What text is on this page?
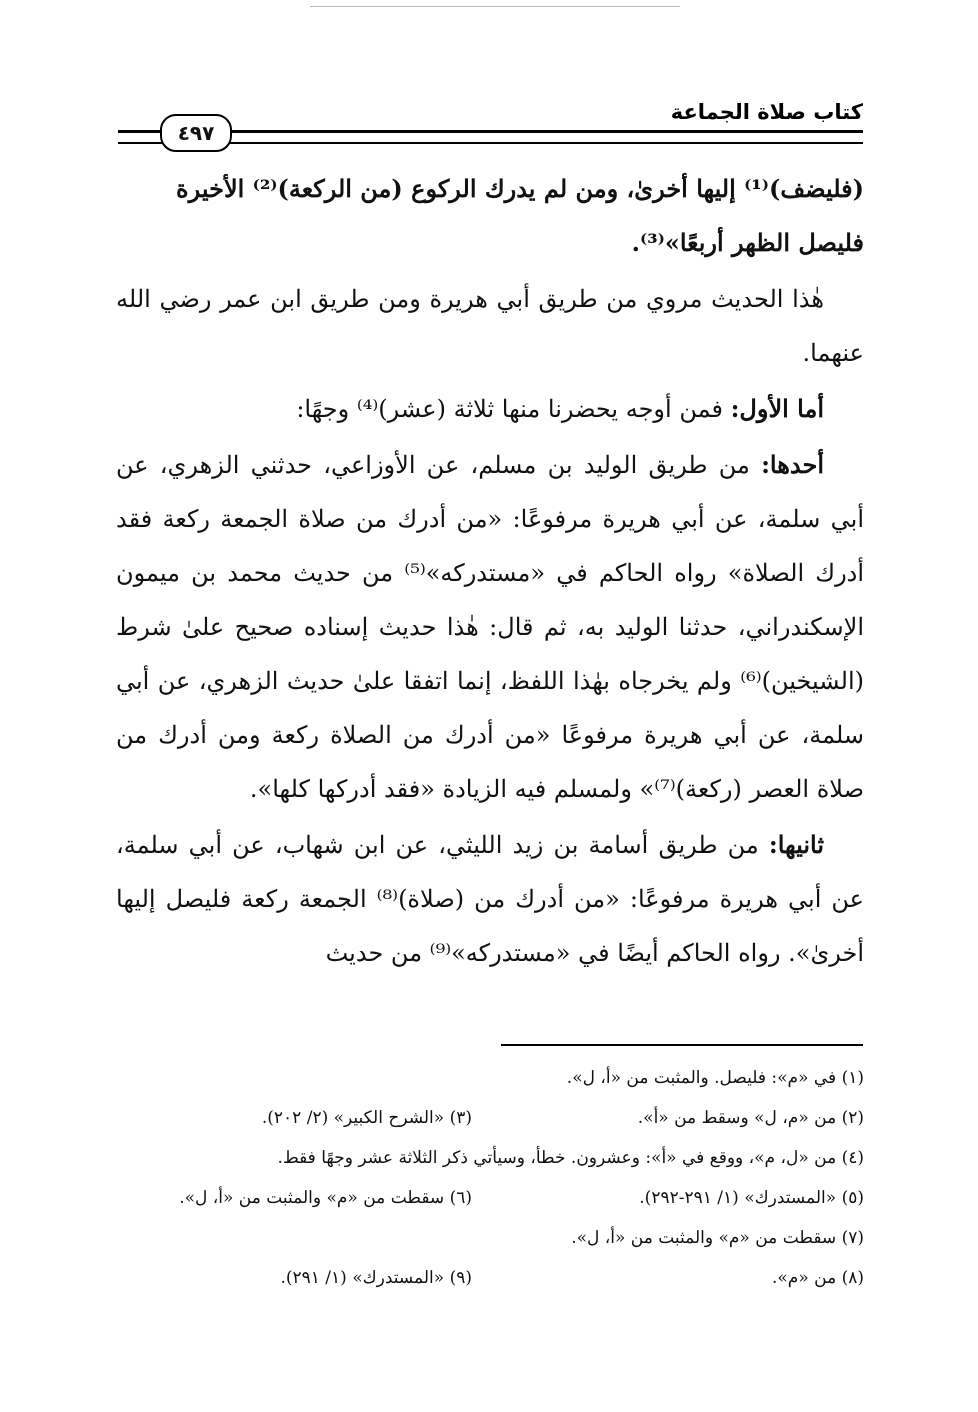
٤٩٧
كتاب صلاة الجماعة

(فليضف)⁽¹⁾ إليها أخرىٰ، ومن لم يدرك الركوع (من الركعة)⁽²⁾ الأخيرة
فليصل الظهر أربعًا»⁽³⁾.

هٰذا الحديث مروي من طريق أبي هريرة ومن طريق ابن عمر رضي الله عنهما.

أما الأول: فمن أوجه يحضرنا منها ثلاثة (عشر)⁽⁴⁾ وجهًا:

أحدها: من طريق الوليد بن مسلم، عن الأوزاعي، حدثني الزهري، عن أبي سلمة، عن أبي هريرة مرفوعًا: «من أدرك من صلاة الجمعة ركعة فقد أدرك الصلاة» رواه الحاكم في «مستدركه»⁽⁵⁾ من حديث محمد بن ميمون الإسكندراني، حدثنا الوليد به، ثم قال: هٰذا حديث إسناده صحيح علىٰ شرط (الشيخين)⁽⁶⁾ ولم يخرجاه بهٰذا اللفظ، إنما اتفقا علىٰ حديث الزهري، عن أبي سلمة، عن أبي هريرة مرفوعًا «من أدرك من الصلاة ركعة ومن أدرك من صلاة العصر (ركعة)⁽⁷⁾» ولمسلم فيه الزيادة «فقد أدركها كلها».

ثانيها: من طريق أسامة بن زيد الليثي، عن ابن شهاب، عن أبي سلمة، عن أبي هريرة مرفوعًا: «من أدرك من (صلاة)⁽⁸⁾ الجمعة ركعة فليصل إليها أخرىٰ». رواه الحاكم أيضًا في «مستدركه»⁽⁹⁾ من حديث

(١) في «م»: فليصل. والمثبت من «أ، ل».
(٢) من «م، ل» وسقط من «أ».
(٣) «الشرح الكبير» (٢/ ٢٠٢).
(٤) من «ل، م»، ووقع في «أ»: وعشرون. خطأ، وسيأتي ذكر الثلاثة عشر وجهًا فقط.
(٥) «المستدرك» (١/ ٢٩١-٢٩٢).
(٦) سقطت من «م» والمثبت من «أ، ل».
(٧) سقطت من «م» والمثبت من «أ، ل».
(٨) من «م».
(٩) «المستدرك» (١/ ٢٩١).
